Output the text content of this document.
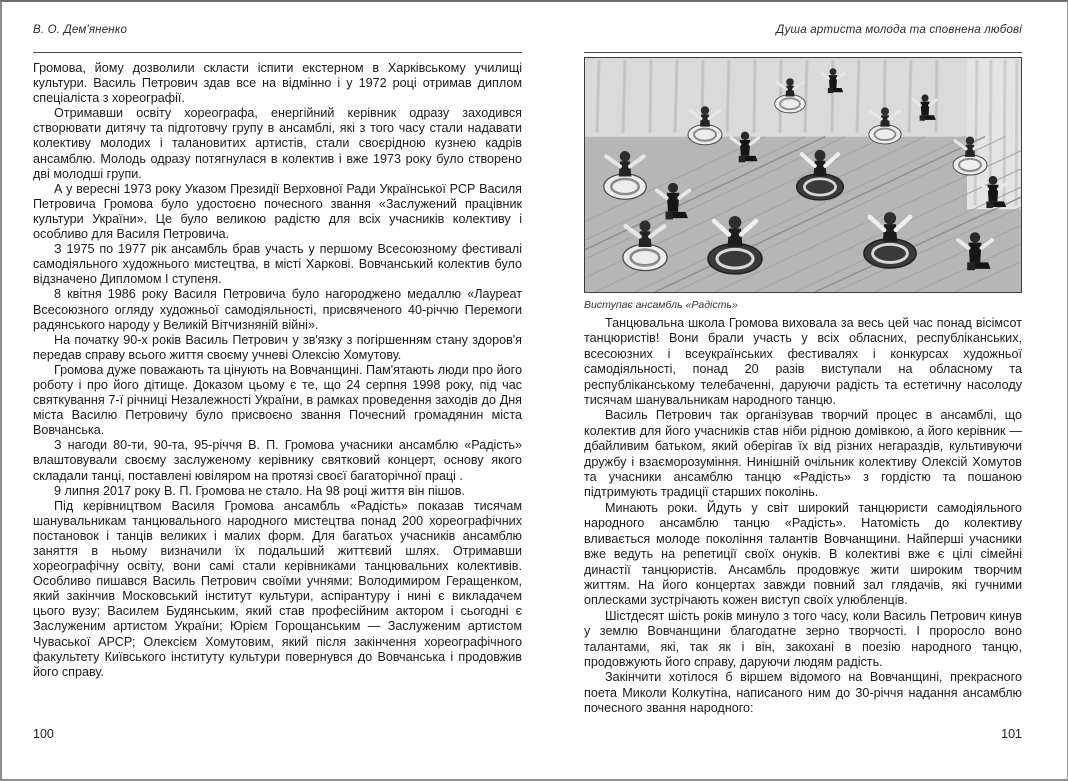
В. О. Дем'яненко

Громова, йому дозволили скласти іспити екстерном в Харківському училищі культури. Василь Петрович здав все на відмінно і у 1972 році отримав диплом спеціаліста з хореографії.

Отримавши освіту хореографа, енергійний керівник одразу заходився створювати дитячу та підготовчу групу в ансамблі, які з того часу стали надавати колективу молодих і талановитих артистів, стали своєрідною кузнею кадрів ансамблю. Молодь одразу потягнулася в колектив і вже 1973 року було створено дві молодші групи.

А у вересні 1973 року Указом Президії Верховної Ради Української РСР Василя Петровича Громова було удостоєно почесного звання «Заслужений працівник культури України». Це було великою радістю для всіх учасників колективу і особливо для Василя Петровича.

З 1975 по 1977 рік ансамбль брав участь у першому Всесоюзному фестивалі самодіяльного художнього мистецтва, в місті Харкові. Вовчанський колектив було відзначено Дипломом I ступеня.

8 квітня 1986 року Василя Петровича було нагороджено медаллю «Лауреат Всесоюзного огляду художньої самодіяльності, присвяченого 40-річчю Перемоги радянського народу у Великій Вітчизняній війні».

На початку 90-х років Василь Петрович у зв'язку з погіршенням стану здоров'я передав справу всього життя своєму учневі Олексію Хомутову.

Громова дуже поважають та цінують на Вовчанщині. Пам'ятають люди про його роботу і про його дітище. Доказом цьому є те, що 24 серпня 1998 року, під час святкування 7-ї річниці Незалежності України, в рамках проведення заходів до Дня міста Василю Петровичу було присвоєно звання Почесний громадянин міста Вовчанська.

З нагоди 80-ти, 90-та, 95-річчя В. П. Громова учасники ансамблю «Радість» влаштовували своєму заслуженому керівнику святковий концерт, основу якого складали танці, поставлені ювіляром на протязі своєї багаторічної праці .

9 липня 2017 року В. П. Громова не стало. На 98 році життя він пішов.

Під керівництвом Василя Громова ансамбль «Радість» показав тисячам шанувальникам танцювального народного мистецтва понад 200 хореографічних постановок і танців великих і малих форм. Для багатьох учасників ансамблю заняття в ньому визначили їх подальший життєвий шлях. Отримавши хореографічну освіту, вони самі стали керівниками танцювальних колективів. Особливо пишався Василь Петрович своїми учнями: Володимиром Геращенком, який закінчив Московський інститут культури, аспірантуру і нині є викладачем цього вузу; Василем Будянським, який став професійним актором і сьогодні є Заслуженим артистом України; Юрієм Горощанським — Заслуженим артистом Чуваської АРСР; Олексієм Хомутовим, який після закінчення хореографічного факультету Київського інституту культури повернувся до Вовчанська і продовжив його справу.

100
Душа артиста молода та сповнена любові
Виступає ансамбль «Радість»

Танцювальна школа Громова виховала за весь цей час понад вісімсот танцюристів! Вони брали участь у всіх обласних, республіканських, всесоюзних і всеукраїнських фестивалях і конкурсах художньої самодіяльності, понад 20 разів виступали на обласному та республіканському телебаченні, даруючи радість та естетичну насолоду тисячам шанувальникам народного танцю.

Василь Петрович так організував творчий процес в ансамблі, що колектив для його учасників став ніби рідною домівкою, а його керівник — дбайливим батьком, який оберігав їх від різних негараздів, культивуючи дружбу і взаєморозуміння. Нинішній очільник колективу Олексій Хомутов та учасники ансамблю танцю «Радість» з гордістю та пошаною підтримують традиції старших поколінь.

Минають роки. Йдуть у світ широкий танцюристи самодіяльного народного ансамблю танцю «Радість». Натомість до колективу вливається молоде покоління талантів Вовчанщини. Найперші учасники вже ведуть на репетиції своїх онуків. В колективі вже є цілі сімейні династії танцюристів. Ансамбль продовжує жити широким творчим життям. На його концертах завжди повний зал глядачів, які гучними оплесками зустрічають кожен виступ своїх улюбленців.

Шістдесят шість років минуло з того часу, коли Василь Петрович кинув у землю Вовчанщини благодатне зерно творчості. І проросло воно талантами, які, так як і він, закохані в поезію народного танцю, продовжують його справу, даруючи людям радість.

Закінчити хотілося б віршем відомого на Вовчанщині, прекрасного поета Миколи Колкутіна, написаного ним до 30-річчя надання ансамблю почесного звання народного:

101
